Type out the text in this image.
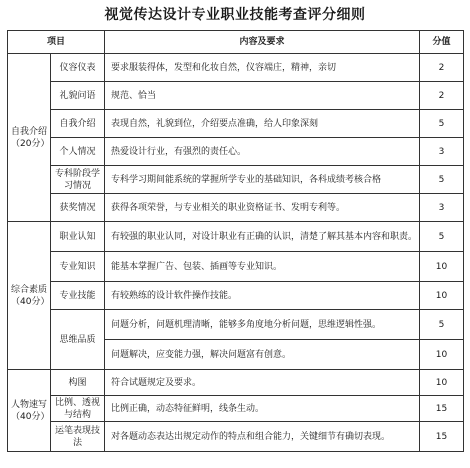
视觉传达设计专业职业技能考查评分细则
项目		内容及要求	分值
自我介绍（20分）	仪容仪表	要求服装得体，发型和化妆自然，仪容端庄，精神，亲切	2
	礼貌问语	规范、恰当	2
	自我介绍	表现自然，礼貌到位，介绍要点准确，给人印象深刻	5
	个人情况	热爱设计行业，有强烈的责任心。	3
	专科阶段学习情况	专科学习期间能系统的掌握所学专业的基础知识，各科成绩考核合格	5
	获奖情况	获得各项荣誉，与专业相关的职业资格证书、发明专利等。	3
综合素质（40分）	职业认知	有较强的职业认同，对设计职业有正确的认识，清楚了解其基本内容和职责。	5
	专业知识	能基本掌握广告、包装、插画等专业知识。	10
	专业技能	有较熟练的设计软件操作技能。	10
	思维品质	问题分析，问题机理清晰，能够多角度地分析问题，思维逻辑性强。	5
		问题解决，应变能力强，解决问题富有创意。	10
人物速写（40分）	构图	符合试题规定及要求。	10
	比例、透视与结构	比例正确，动态特征鲜明，线条生动。	15
	运笔表现技法	对各题动态表达出规定动作的特点和组合能力，关键细节有确切表现。	15
